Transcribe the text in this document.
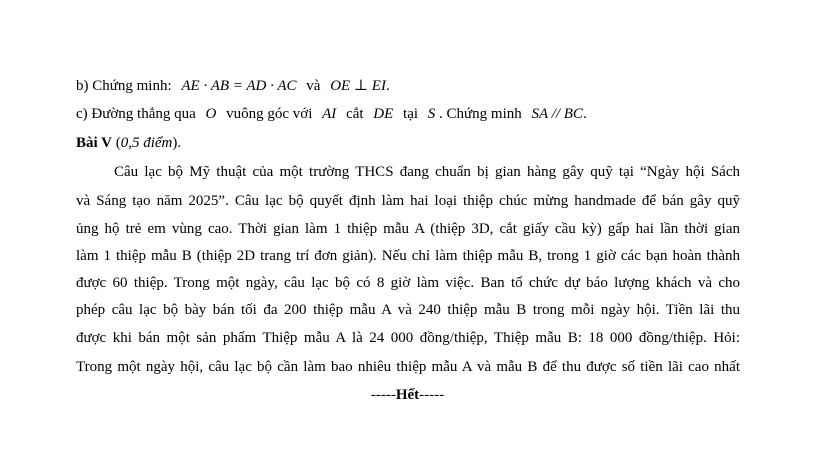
b) Chứng minh: AE · AB = AD · AC và OE ⊥ EI.
c) Đường thẳng qua O vuông góc với AI cắt DE tại S . Chứng minh SA // BC.
Bài V (0,5 điểm).
Câu lạc bộ Mỹ thuật của một trường THCS đang chuẩn bị gian hàng gây quỹ tại “Ngày hội Sách
và Sáng tạo năm 2025”. Câu lạc bộ quyết định làm hai loại thiệp chúc mừng handmade để bán gây quỹ
ủng hộ trẻ em vùng cao. Thời gian làm 1 thiệp mẫu A (thiệp 3D, cắt giấy cầu kỳ) gấp hai lần thời gian
làm 1 thiệp mẫu B (thiệp 2D trang trí đơn giản). Nếu chỉ làm thiệp mẫu B, trong 1 giờ các bạn hoàn thành
được 60 thiệp. Trong một ngày, câu lạc bộ có 8 giờ làm việc. Ban tổ chức dự báo lượng khách và cho
phép câu lạc bộ bày bán tối đa 200 thiệp mẫu A và 240 thiệp mẫu B trong mỗi ngày hội. Tiền lãi thu
được khi bán một sản phẩm Thiệp mẫu A là 24 000 đồng/thiệp, Thiệp mẫu B: 18 000 đồng/thiệp. Hỏi:
Trong một ngày hội, câu lạc bộ cần làm bao nhiêu thiệp mẫu A và mẫu B để thu được số tiền lãi cao nhất
-----Hết-----
